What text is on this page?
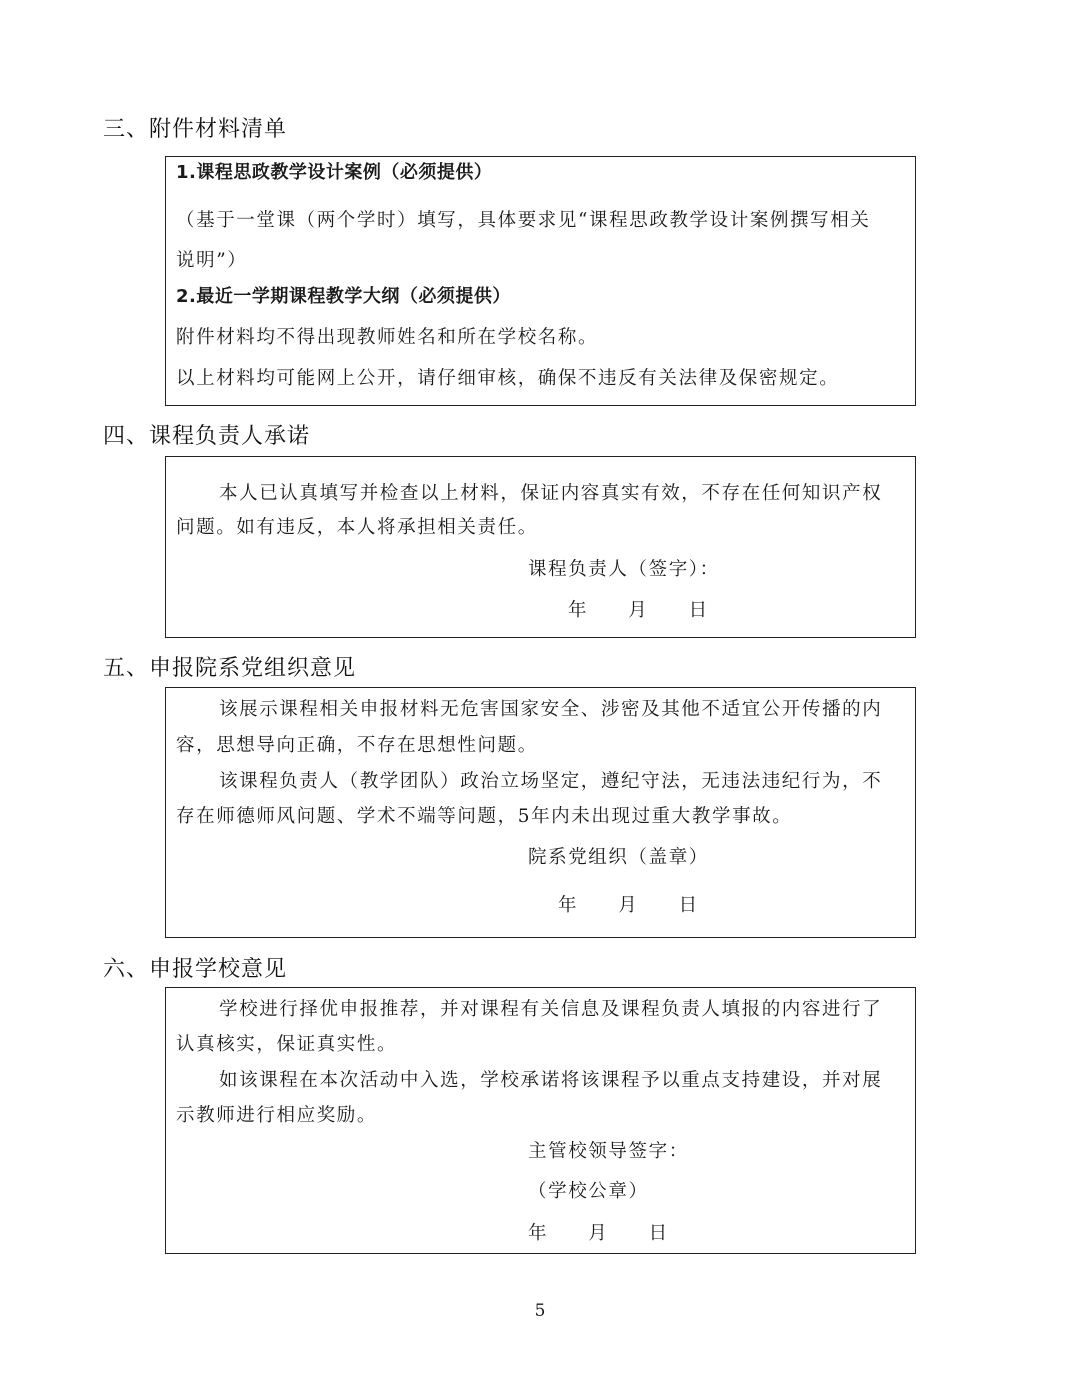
三、附件材料清单
1.课程思政教学设计案例（必须提供）
（基于一堂课（两个学时）填写，具体要求见“课程思政教学设计案例撰写相关
说明”）
2.最近一学期课程教学大纲（必须提供）
附件材料均不得出现教师姓名和所在学校名称。
以上材料均可能网上公开，请仔细审核，确保不违反有关法律及保密规定。
四、课程负责人承诺
本人已认真填写并检查以上材料，保证内容真实有效，不存在任何知识产权
问题。如有违反，本人将承担相关责任。
课程负责人（签字）：
年　　月　　日
五、申报院系党组织意见
该展示课程相关申报材料无危害国家安全、涉密及其他不适宜公开传播的内
容，思想导向正确，不存在思想性问题。
该课程负责人（教学团队）政治立场坚定，遵纪守法，无违法违纪行为，不
存在师德师风问题、学术不端等问题，5年内未出现过重大教学事故。
院系党组织（盖章）
年　　月　　日
六、申报学校意见
学校进行择优申报推荐，并对课程有关信息及课程负责人填报的内容进行了
认真核实，保证真实性。
如该课程在本次活动中入选，学校承诺将该课程予以重点支持建设，并对展
示教师进行相应奖励。
主管校领导签字：
（学校公章）
年　　月　　日
5
